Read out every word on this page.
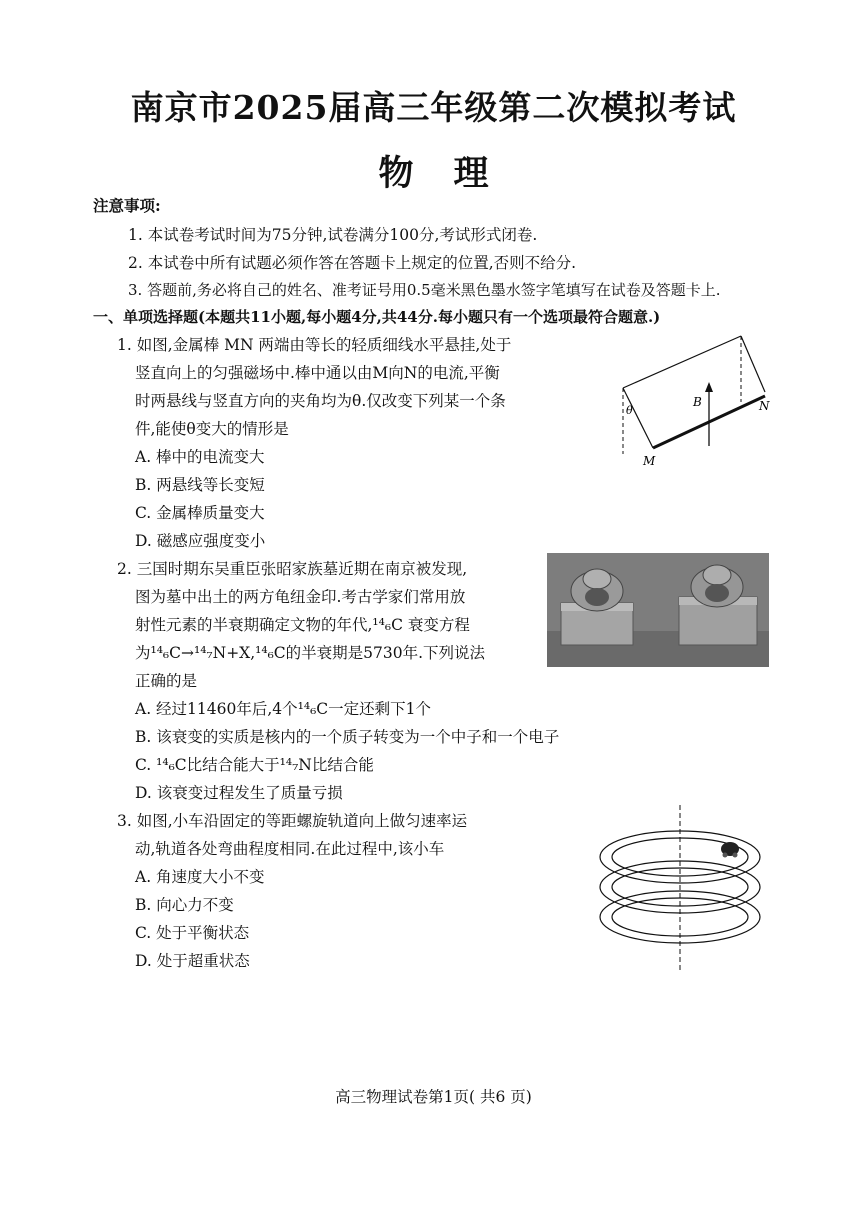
南京市2025届高三年级第二次模拟考试
物理
注意事项:
1. 本试卷考试时间为75分钟,试卷满分100分,考试形式闭卷.
2. 本试卷中所有试题必须作答在答题卡上规定的位置,否则不给分.
3. 答题前,务必将自己的姓名、准考证号用0.5毫米黑色墨水签字笔填写在试卷及答题卡上.
一、单项选择题(本题共11小题,每小题4分,共44分.每小题只有一个选项最符合题意.)
1. 如图,金属棒 MN 两端由等长的轻质细线水平悬挂,处于
竖直向上的匀强磁场中.棒中通以由M向N的电流,平衡
时两悬线与竖直方向的夹角均为θ.仅改变下列某一个条
件,能使θ变大的情形是
A. 棒中的电流变大
B. 两悬线等长变短
C. 金属棒质量变大
D. 磁感应强度变小
B
θ
M
N
2. 三国时期东吴重臣张昭家族墓近期在南京被发现,
图为墓中出土的两方龟纽金印.考古学家们常用放
射性元素的半衰期确定文物的年代,¹⁴₆C 衰变方程
为¹⁴₆C→¹⁴₇N+X,¹⁴₆C的半衰期是5730年.下列说法
正确的是
A. 经过11460年后,4个¹⁴₆C一定还剩下1个
B. 该衰变的实质是核内的一个质子转变为一个中子和一个电子
C. ¹⁴₆C比结合能大于¹⁴₇N比结合能
D. 该衰变过程发生了质量亏损
3. 如图,小车沿固定的等距螺旋轨道向上做匀速率运
动,轨道各处弯曲程度相同.在此过程中,该小车
A. 角速度大小不变
B. 向心力不变
C. 处于平衡状态
D. 处于超重状态
高三物理试卷第1页( 共6 页)
